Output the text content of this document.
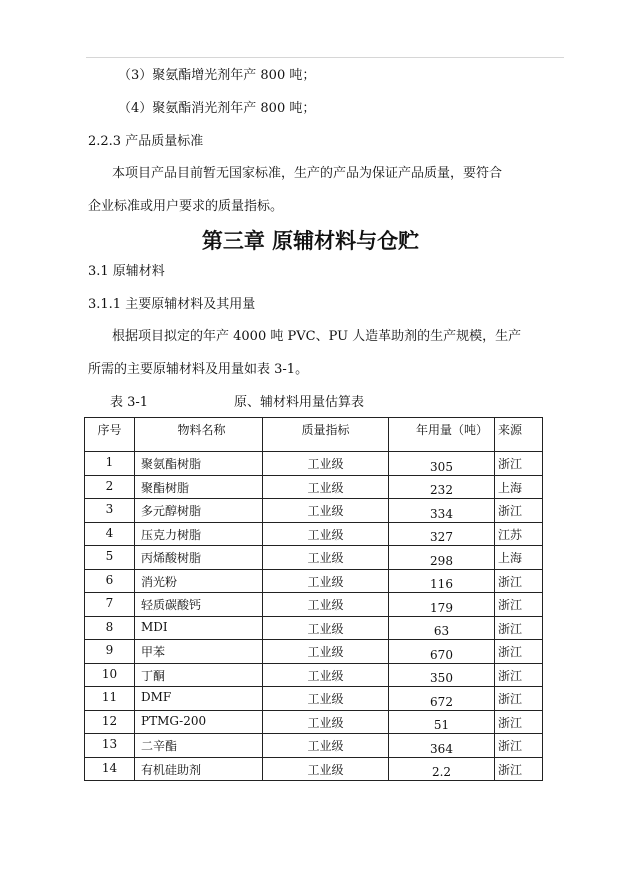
（3）聚氨酯增光剂年产 800 吨；
（4）聚氨酯消光剂年产 800 吨；
2.2.3 产品质量标准
本项目产品目前暂无国家标准，生产的产品为保证产品质量，要符合
企业标准或用户要求的质量指标。
第三章 原辅材料与仓贮
3.1 原辅材料
3.1.1 主要原辅材料及其用量
根据项目拟定的年产 4000 吨 PVC、PU 人造革助剂的生产规模，生产
所需的主要原辅材料及用量如表 3-1。
表 3-1	原、辅材料用量估算表
序号	物料名称	质量指标	年用量（吨）	来源
1	聚氨酯树脂	工业级	305	浙江
2	聚酯树脂	工业级	232	上海
3	多元醇树脂	工业级	334	浙江
4	压克力树脂	工业级	327	江苏
5	丙烯酸树脂	工业级	298	上海
6	消光粉	工业级	116	浙江
7	轻质碳酸钙	工业级	179	浙江
8	MDI	工业级	63	浙江
9	甲苯	工业级	670	浙江
10	丁酮	工业级	350	浙江
11	DMF	工业级	672	浙江
12	PTMG-200	工业级	51	浙江
13	二辛酯	工业级	364	浙江
14	有机硅助剂	工业级	2.2	浙江
